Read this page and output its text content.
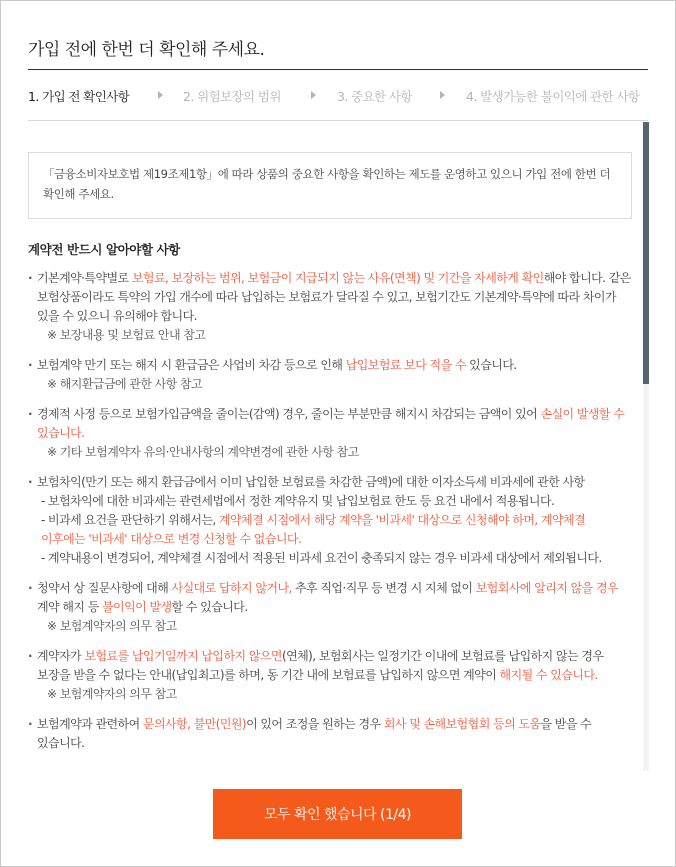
가입 전에 한번 더 확인해 주세요.
1. 가입 전 확인사항	2. 위험보장의 범위	3. 중요한 사항	4. 발생가능한 불이익에 관한 사항
「금융소비자보호법 제19조제1항」에 따라 상품의 중요한 사항을 확인하는 제도를 운영하고 있으니 가입 전에 한번 더 확인해 주세요.
계약전 반드시 알아야할 사항
· 기본계약·특약별로 보험료, 보장하는 범위, 보험금이 지급되지 않는 사유(면책) 및 기간을 자세하게 확인해야 합니다. 같은 보험상품이라도 특약의 가입 개수에 따라 납입하는 보험료가 달라질 수 있고, 보험기간도 기본계약·특약에 따라 차이가 있을 수 있으니 유의해야 합니다.
※ 보장내용 및 보험료 안내 참고
· 보험계약 만기 또는 해지 시 환급금은 사업비 차감 등으로 인해 납입보험료 보다 적을 수 있습니다.
※ 해지환급금에 관한 사항 참고
· 경제적 사정 등으로 보험가입금액을 줄이는(감액) 경우, 줄이는 부분만큼 해지시 차감되는 금액이 있어 손실이 발생할 수 있습니다.
※ 기타 보험계약자 유의·안내사항의 계약변경에 관한 사항 참고
· 보험차익(만기 또는 해지 환급금에서 이미 납입한 보험료를 차감한 금액)에 대한 이자소득세 비과세에 관한 사항
- 보험차익에 대한 비과세는 관련세법에서 정한 계약유지 및 납입보험료 한도 등 요건 내에서 적용됩니다.
- 비과세 요건을 판단하기 위해서는, 계약체결 시점에서 해당 계약을 '비과세' 대상으로 신청해야 하며, 계약체결 이후에는 '비과세' 대상으로 변경 신청할 수 없습니다.
- 계약내용이 변경되어, 계약체결 시점에서 적용된 비과세 요건이 충족되지 않는 경우 비과세 대상에서 제외됩니다.
· 청약서 상 질문사항에 대해 사실대로 답하지 않거나, 추후 직업·직무 등 변경 시 지체 없이 보험회사에 알리지 않을 경우 계약 해지 등 불이익이 발생할 수 있습니다.
※ 보험계약자의 의무 참고
· 계약자가 보험료를 납입기일까지 납입하지 않으면(연체), 보험회사는 일정기간 이내에 보험료를 납입하지 않는 경우 보장을 받을 수 없다는 안내(납입최고)를 하며, 동 기간 내에 보험료를 납입하지 않으면 계약이 해지될 수 있습니다.
※ 보험계약자의 의무 참고
· 보험계약과 관련하여 문의사항, 불만(민원)이 있어 조정을 원하는 경우 회사 및 손해보험협회 등의 도움을 받을 수 있습니다.
모두 확인 했습니다 (1/4)
